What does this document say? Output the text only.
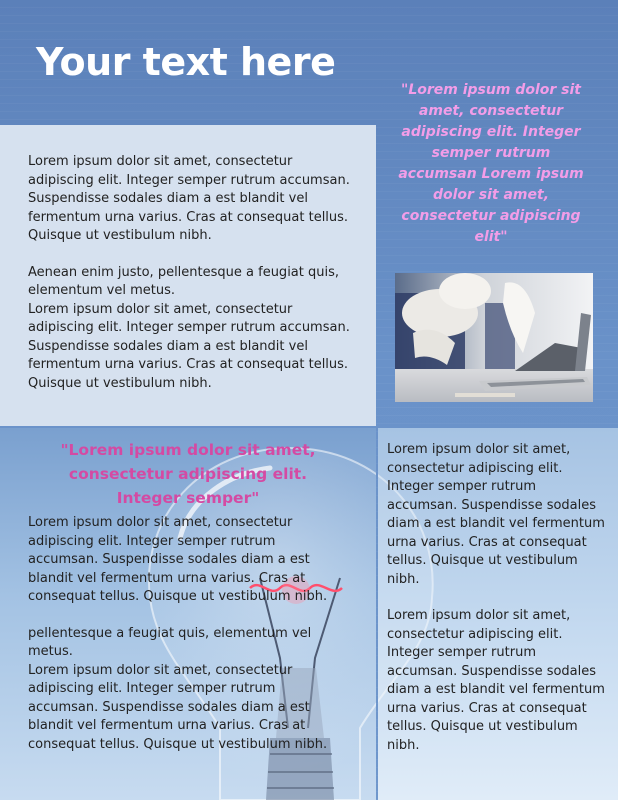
Your text here
"Lorem ipsum dolor sit amet, consectetur adipiscing elit. Integer semper rutrum accumsan Lorem ipsum dolor sit amet, consectetur adipiscing elit"
Lorem ipsum dolor sit amet, consectetur
adipiscing elit. Integer semper rutrum accumsan.
Suspendisse sodales diam a est blandit vel
fermentum urna varius. Cras at consequat tellus.
Quisque ut vestibulum nibh.
Aenean enim justo, pellentesque a feugiat quis,
elementum vel metus.
Lorem ipsum dolor sit amet, consectetur
adipiscing elit. Integer semper rutrum accumsan.
Suspendisse sodales diam a est blandit vel
fermentum urna varius. Cras at consequat tellus.
Quisque ut vestibulum nibh.
"Lorem ipsum dolor sit amet,
consectetur adipiscing elit.
Integer semper"
Lorem ipsum dolor sit amet, consectetur
adipiscing elit. Integer semper rutrum
accumsan. Suspendisse sodales diam a est
blandit vel fermentum urna varius. Cras at
consequat tellus. Quisque ut vestibulum nibh.
pellentesque a feugiat quis, elementum vel
metus.
Lorem ipsum dolor sit amet, consectetur
adipiscing elit. Integer semper rutrum
accumsan. Suspendisse sodales diam a est
blandit vel fermentum urna varius. Cras at
consequat tellus. Quisque ut vestibulum nibh.
Lorem ipsum dolor sit amet,
consectetur adipiscing elit.
Integer semper rutrum
accumsan. Suspendisse sodales
diam a est blandit vel fermentum
urna varius. Cras at consequat
tellus. Quisque ut vestibulum
nibh.
Lorem ipsum dolor sit amet,
consectetur adipiscing elit.
Integer semper rutrum
accumsan. Suspendisse sodales
diam a est blandit vel fermentum
urna varius. Cras at consequat
tellus. Quisque ut vestibulum
nibh.
